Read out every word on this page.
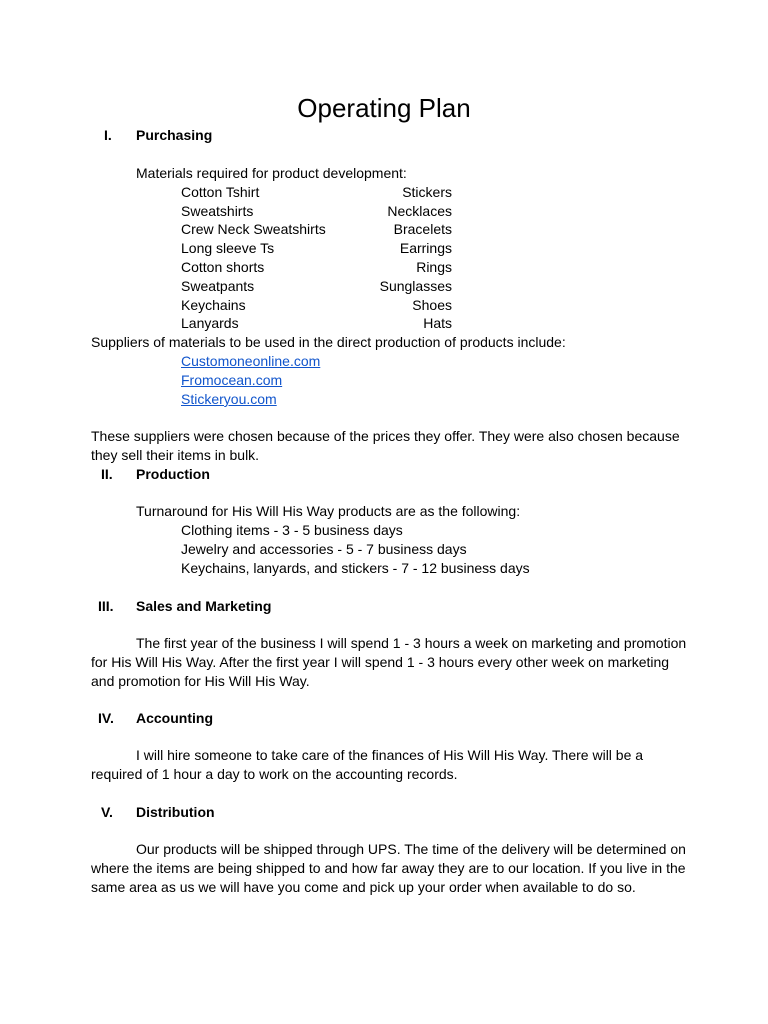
Operating Plan
I. Purchasing
Materials required for product development:
Cotton Tshirt
Sweatshirts
Crew Neck Sweatshirts
Long sleeve Ts
Cotton shorts
Sweatpants
Keychains
Lanyards
Stickers
Necklaces
Bracelets
Earrings
Rings
Sunglasses
Shoes
Hats
Suppliers of materials to be used in the direct production of products include:
Customoneonline.com
Fromocean.com
Stickeryou.com
These suppliers were chosen because of the prices they offer. They were also chosen because
they sell their items in bulk.
II. Production
Turnaround for His Will His Way products are as the following:
Clothing items - 3 - 5 business days
Jewelry and accessories - 5 - 7 business days
Keychains, lanyards, and stickers - 7 - 12 business days
III. Sales and Marketing
The first year of the business I will spend 1 - 3 hours a week on marketing and promotion
for His Will His Way. After the first year I will spend 1 - 3 hours every other week on marketing
and promotion for His Will His Way.
IV. Accounting
I will hire someone to take care of the finances of His Will His Way. There will be a
required of 1 hour a day to work on the accounting records.
V. Distribution
Our products will be shipped through UPS. The time of the delivery will be determined on
where the items are being shipped to and how far away they are to our location. If you live in the
same area as us we will have you come and pick up your order when available to do so.
